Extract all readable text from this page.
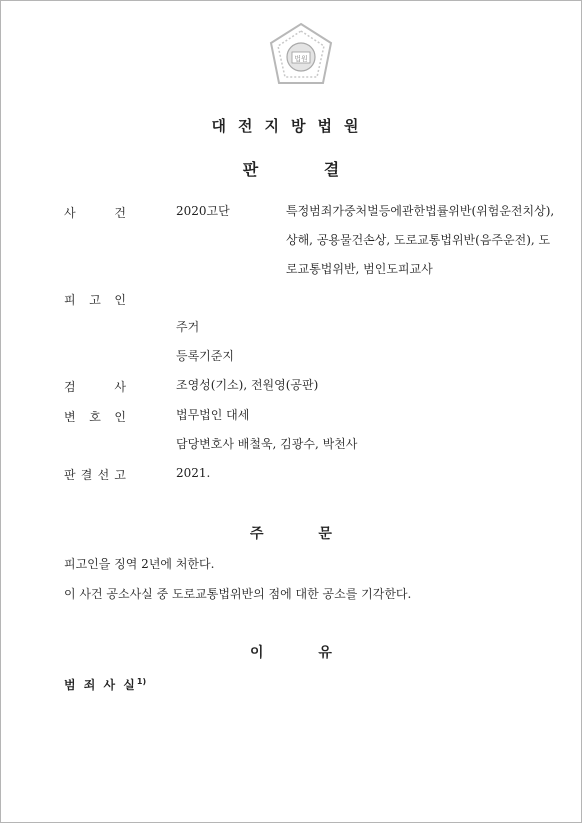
법원
대전지방법원
판 결
사	건	2020고단	특정범죄가중처벌등에관한법률위반(위험운전치상), 상해, 공용물건손상, 도로교통법위반(음주운전), 도로교통법위반, 범인도피교사
피 고 인
주거
등록기준지
검	사	조영성(기소), 전원영(공판)
변 호 인	법무법인 대세
담당변호사 배철욱, 김광수, 박천사
판 결 선 고	2021.
주 문
피고인을 징역 2년에 처한다.
이 사건 공소사실 중 도로교통법위반의 점에 대한 공소를 기각한다.
이 유
범 죄 사 실$^{1)}$
